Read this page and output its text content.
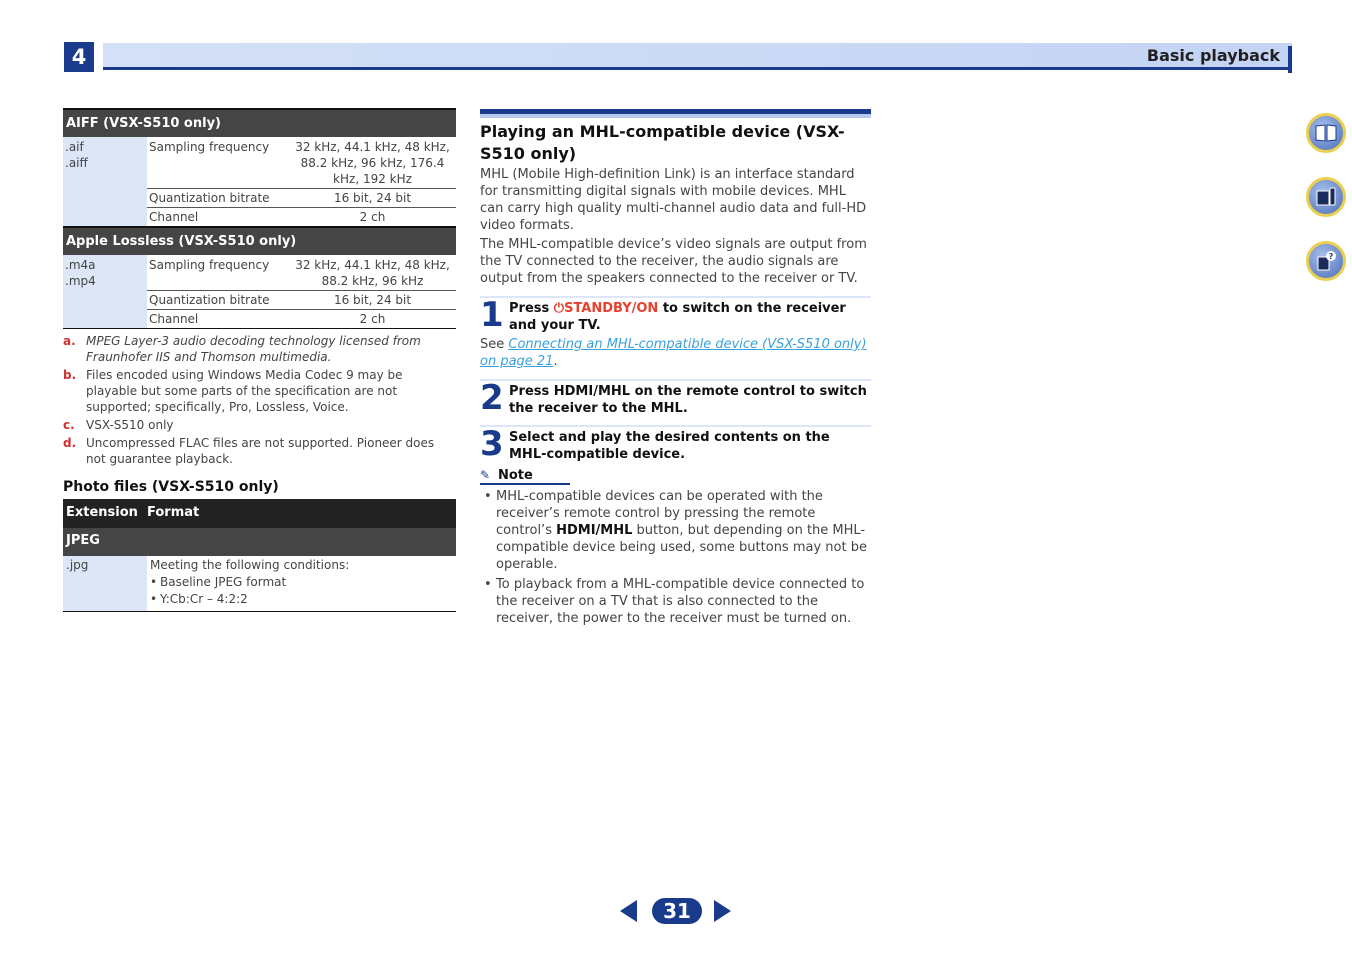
4	Basic playback
AIFF (VSX-S510 only)
.aif
.aiff	Sampling frequency	32 kHz, 44.1 kHz, 48 kHz, 88.2 kHz, 96 kHz, 176.4 kHz, 192 kHz
	Quantization bitrate	16 bit, 24 bit
	Channel	2 ch
Apple Lossless (VSX-S510 only)
.m4a
.mp4	Sampling frequency	32 kHz, 44.1 kHz, 48 kHz, 88.2 kHz, 96 kHz
	Quantization bitrate	16 bit, 24 bit
	Channel	2 ch
a. MPEG Layer-3 audio decoding technology licensed from Fraunhofer IIS and Thomson multimedia.
b. Files encoded using Windows Media Codec 9 may be playable but some parts of the specification are not supported; specifically, Pro, Lossless, Voice.
c. VSX-S510 only
d. Uncompressed FLAC files are not supported. Pioneer does not guarantee playback.
Photo files (VSX-S510 only)
Extension Format
JPEG
.jpg	Meeting the following conditions:
• Baseline JPEG format
• Y:Cb:Cr – 4:2:2
Playing an MHL-compatible device (VSX-S510 only)
MHL (Mobile High-definition Link) is an interface standard for transmitting digital signals with mobile devices. MHL can carry high quality multi-channel audio data and full-HD video formats.
The MHL-compatible device’s video signals are output from the TV connected to the receiver, the audio signals are output from the speakers connected to the receiver or TV.
1 Press ⏻STANDBY/ON to switch on the receiver and your TV.
See Connecting an MHL-compatible device (VSX-S510 only) on page 21.
2 Press HDMI/MHL on the remote control to switch the receiver to the MHL.
3 Select and play the desired contents on the MHL-compatible device.
✎ Note
• MHL-compatible devices can be operated with the receiver’s remote control by pressing the remote control’s HDMI/MHL button, but depending on the MHL-compatible device being used, some buttons may not be operable.
• To playback from a MHL-compatible device connected to the receiver on a TV that is also connected to the receiver, the power to the receiver must be turned on.
?
31
